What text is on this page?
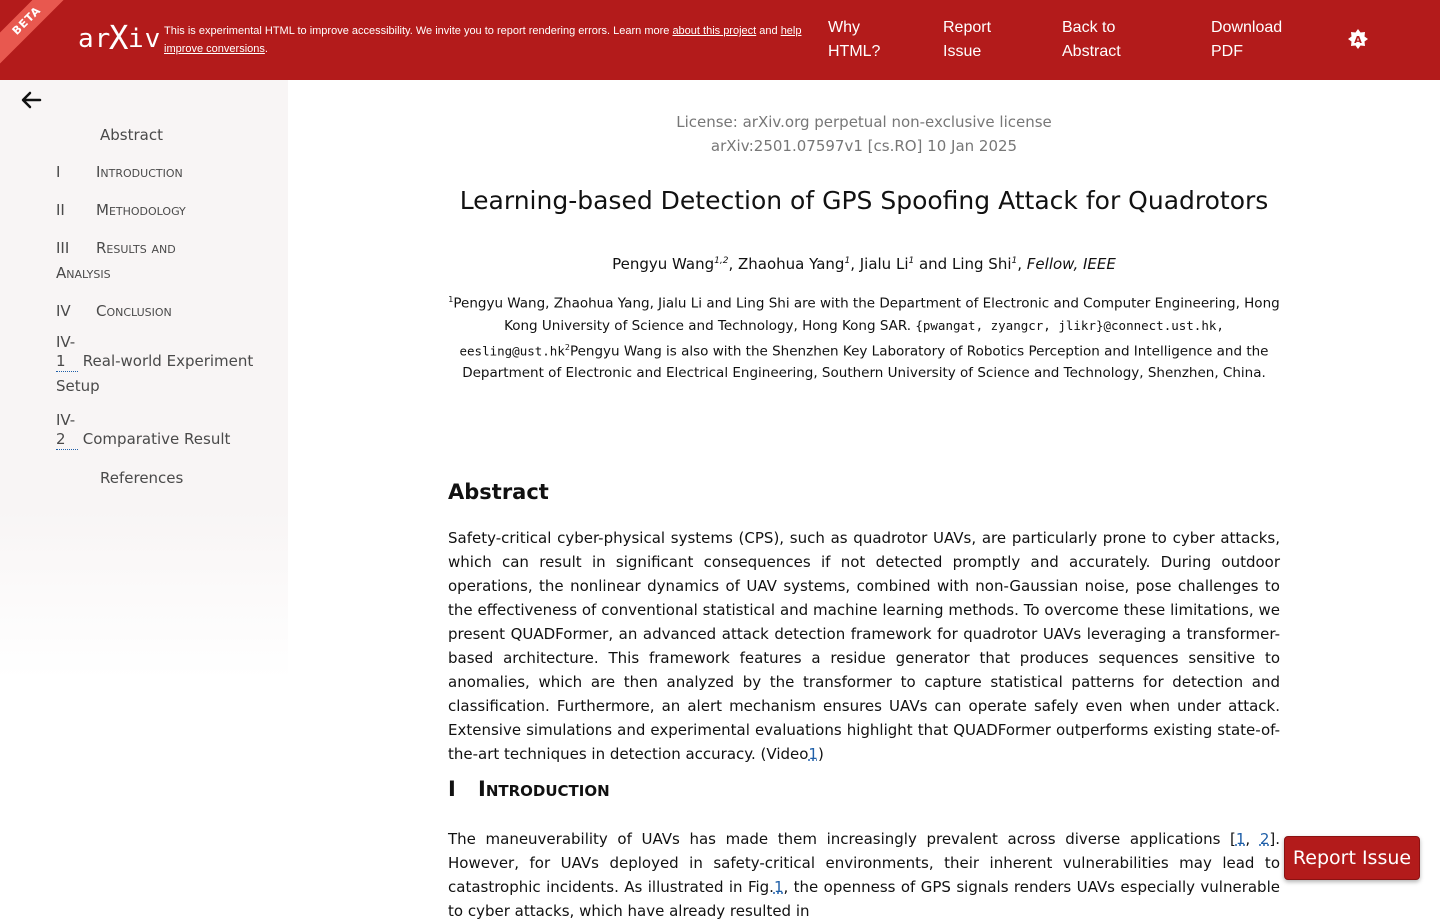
BETA
arXiv This is experimental HTML to improve accessibility. We invite you to report rendering errors. Learn more about this project and help improve conversions.
Why
HTML?
Report
Issue
Back to
Abstract
Download
PDF
A
Abstract
I Introduction
II Methodology
III Results and Analysis
IV Conclusion
IV-1 Real-world Experiment Setup
IV-2 Comparative Result
References
License: arXiv.org perpetual non-exclusive license
arXiv:2501.07597v1 [cs.RO] 10 Jan 2025
Learning-based Detection of GPS Spoofing Attack for Quadrotors
Pengyu Wang$^{1,2}$, Zhaohua Yang$^1$, Jialu Li$^1$ and Ling Shi$^1$, Fellow, IEEE
$^1$Pengyu Wang, Zhaohua Yang, Jialu Li and Ling Shi are with the Department of Electronic and Computer Engineering, Hong Kong University of Science and Technology, Hong Kong SAR. {pwangat, zyangcr, jlikr}@connect.ust.hk, $eesling@ust.hk^2Pengyu$ Wang is also with the Shenzhen Key Laboratory of Robotics Perception and Intelligence and the Department of Electronic and Electrical Engineering, Southern University of Science and Technology, Shenzhen, China.
Abstract
Safety-critical cyber-physical systems (CPS), such as quadrotor UAVs, are particularly prone to cyber attacks, which can result in significant consequences if not detected promptly and accurately. During outdoor operations, the nonlinear dynamics of UAV systems, combined with non-Gaussian noise, pose challenges to the effectiveness of conventional statistical and machine learning methods. To overcome these limitations, we present QUADFormer, an advanced attack detection framework for quadrotor UAVs leveraging a transformer-based architecture. This framework features a residue generator that produces sequences sensitive to anomalies, which are then analyzed by the transformer to capture statistical patterns for detection and classification. Furthermore, an alert mechanism ensures UAVs can operate safely even when under attack. Extensive simulations and experimental evaluations highlight that QUADFormer outperforms existing state-of-the-art techniques in detection accuracy. (Video1)
I Introduction
The maneuverability of UAVs has made them increasingly prevalent across diverse applications [1, 2]. However, for UAVs deployed in safety-critical environments, their inherent vulnerabilities may lead to catastrophic incidents. As illustrated in Fig.1, the openness of GPS signals renders UAVs especially vulnerable to cyber attacks, which have already resulted in
Report Issue
